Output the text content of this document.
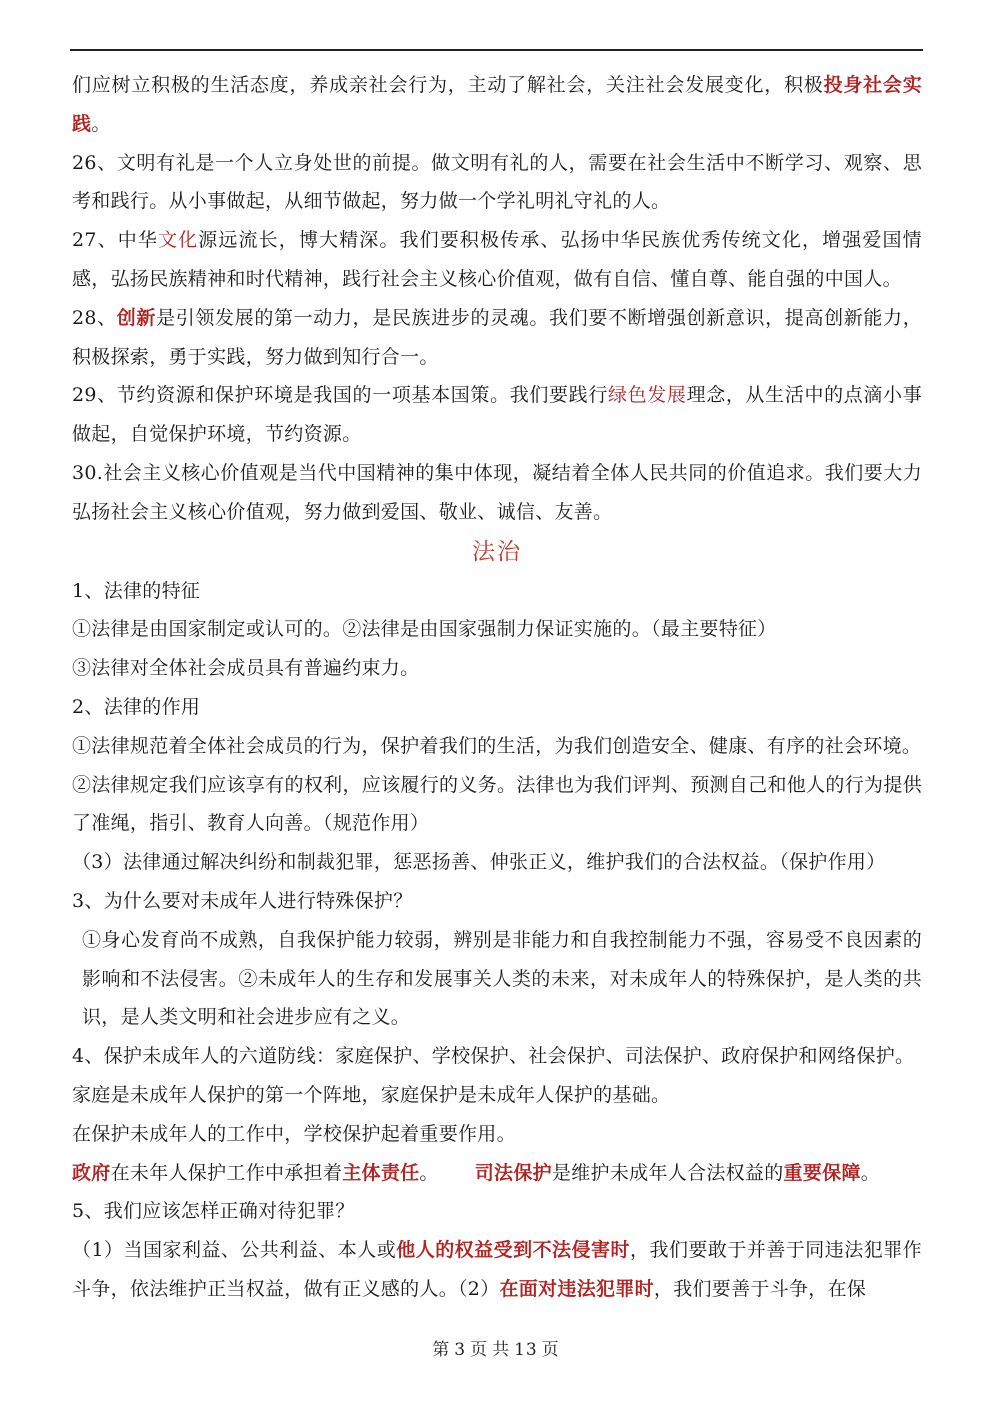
们应树立积极的生活态度，养成亲社会行为，主动了解社会，关注社会发展变化，积极投身社会实践。

26、文明有礼是一个人立身处世的前提。做文明有礼的人，需要在社会生活中不断学习、观察、思考和践行。从小事做起，从细节做起，努力做一个学礼明礼守礼的人。

27、中华文化源远流长，博大精深。我们要积极传承、弘扬中华民族优秀传统文化，增强爱国情感，弘扬民族精神和时代精神，践行社会主义核心价值观，做有自信、懂自尊、能自强的中国人。

28、创新是引领发展的第一动力，是民族进步的灵魂。我们要不断增强创新意识，提高创新能力，积极探索，勇于实践，努力做到知行合一。

29、节约资源和保护环境是我国的一项基本国策。我们要践行绿色发展理念，从生活中的点滴小事做起，自觉保护环境，节约资源。

30.社会主义核心价值观是当代中国精神的集中体现，凝结着全体人民共同的价值追求。我们要大力弘扬社会主义核心价值观，努力做到爱国、敬业、诚信、友善。

法治

1、法律的特征

①法律是由国家制定或认可的。②法律是由国家强制力保证实施的。（最主要特征）

③法律对全体社会成员具有普遍约束力。

2、法律的作用

①法律规范着全体社会成员的行为，保护着我们的生活，为我们创造安全、健康、有序的社会环境。

②法律规定我们应该享有的权利，应该履行的义务。法律也为我们评判、预测自己和他人的行为提供了准绳，指引、教育人向善。（规范作用）

（3）法律通过解决纠纷和制裁犯罪，惩恶扬善、伸张正义，维护我们的合法权益。（保护作用）

3、为什么要对未成年人进行特殊保护？

①身心发育尚不成熟，自我保护能力较弱，辨别是非能力和自我控制能力不强，容易受不良因素的影响和不法侵害。②未成年人的生存和发展事关人类的未来，对未成年人的特殊保护，是人类的共识，是人类文明和社会进步应有之义。

4、保护未成年人的六道防线：家庭保护、学校保护、社会保护、司法保护、政府保护和网络保护。

家庭是未成年人保护的第一个阵地，家庭保护是未成年人保护的基础。

在保护未成年人的工作中，学校保护起着重要作用。

政府在未年人保护工作中承担着主体责任。 司法保护是维护未成年人合法权益的重要保障。

5、我们应该怎样正确对待犯罪？

（1）当国家利益、公共利益、本人或他人的权益受到不法侵害时，我们要敢于并善于同违法犯罪作斗争，依法维护正当权益，做有正义感的人。（2）在面对违法犯罪时，我们要善于斗争，在保

第 3 页 共 13 页
